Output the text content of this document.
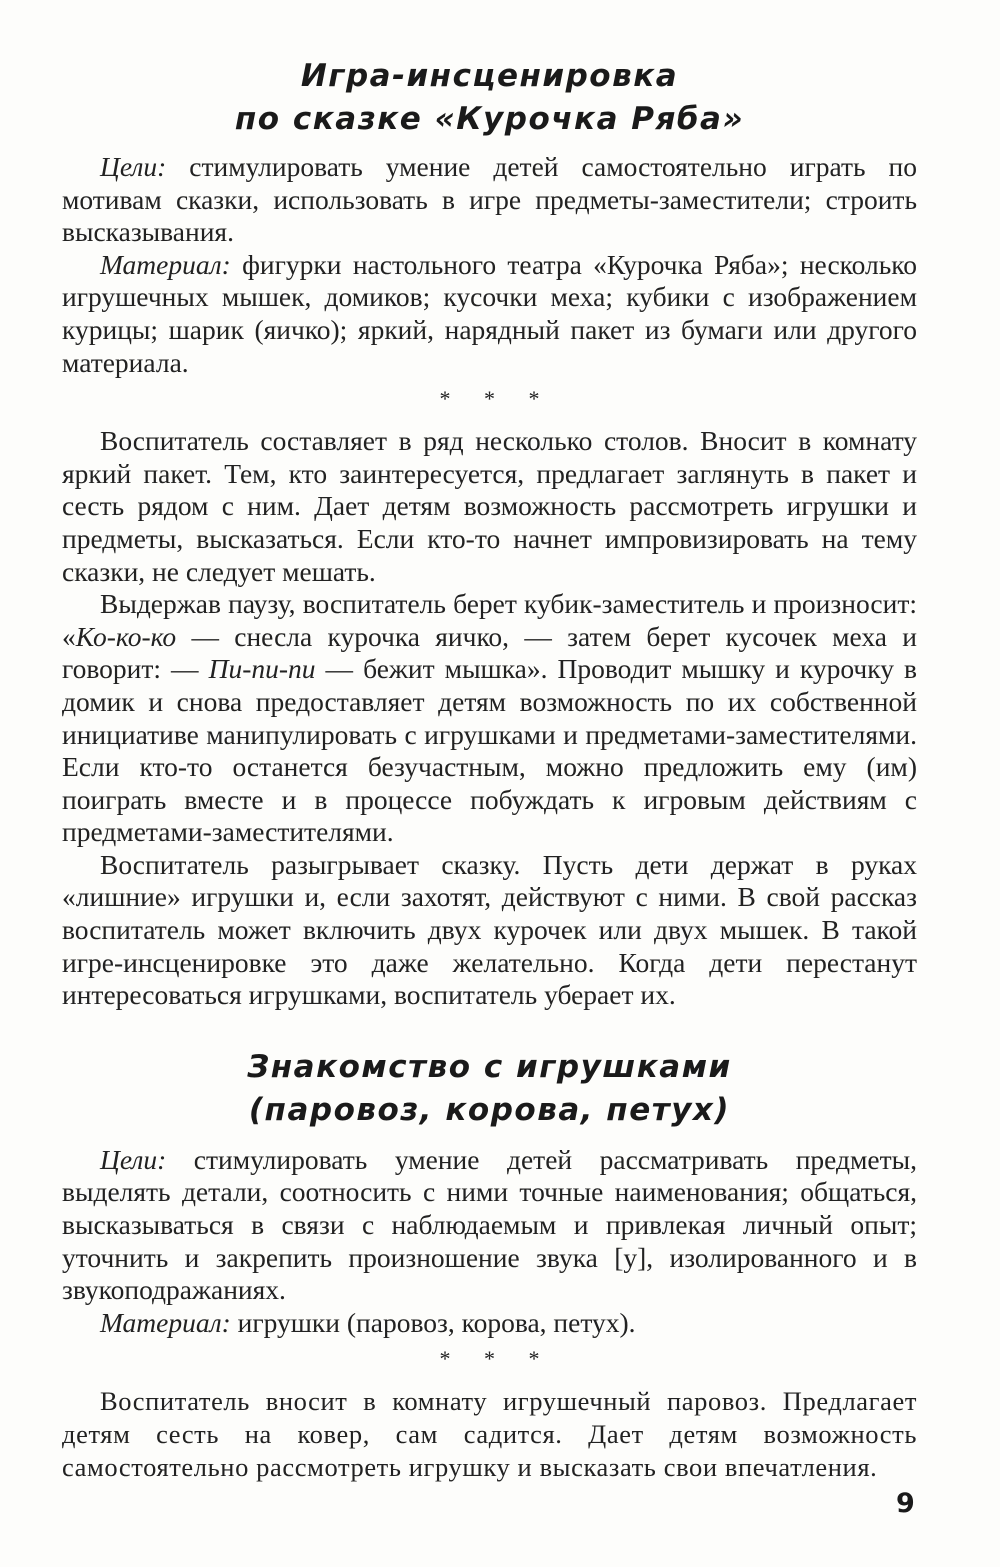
Игра-инсценировка
по сказке «Курочка Ряба»

Цели: стимулировать умение детей самостоятельно играть по мотивам сказки, использовать в игре предметы-заместители; строить высказывания.

Материал: фигурки настольного театра «Курочка Ряба»; несколько игрушечных мышек, домиков; кусочки меха; кубики с изображением курицы; шарик (яичко); яркий, нарядный пакет из бумаги или другого материала.

* * *

Воспитатель составляет в ряд несколько столов. Вносит в комнату яркий пакет. Тем, кто заинтересуется, предлагает заглянуть в пакет и сесть рядом с ним. Дает детям возможность рассмотреть игрушки и предметы, высказаться. Если кто-то начнет импровизировать на тему сказки, не следует мешать.

Выдержав паузу, воспитатель берет кубик-заместитель и произносит: «Ко-ко-ко — снесла курочка яичко, — затем берет кусочек меха и говорит: — Пи-пи-пи — бежит мышка». Проводит мышку и курочку в домик и снова предоставляет детям возможность по их собственной инициативе манипулировать с игрушками и предметами-заместителями. Если кто-то останется безучастным, можно предложить ему (им) поиграть вместе и в процессе побуждать к игровым действиям с предметами-заместителями.

Воспитатель разыгрывает сказку. Пусть дети держат в руках «лишние» игрушки и, если захотят, действуют с ними. В свой рассказ воспитатель может включить двух курочек или двух мышек. В такой игре-инсценировке это даже желательно. Когда дети перестанут интересоваться игрушками, воспитатель уберает их.

Знакомство с игрушками
(паровоз, корова, петух)

Цели: стимулировать умение детей рассматривать предметы, выделять детали, соотносить с ними точные наименования; общаться, высказываться в связи с наблюдаемым и привлекая личный опыт; уточнить и закрепить произношение звука [у], изолированного и в звукоподражаниях.

Материал: игрушки (паровоз, корова, петух).

* * *

Воспитатель вносит в комнату игрушечный паровоз. Предлагает детям сесть на ковер, сам садится. Дает детям возможность самостоятельно рассмотреть игрушку и высказать свои впечатления.

9
